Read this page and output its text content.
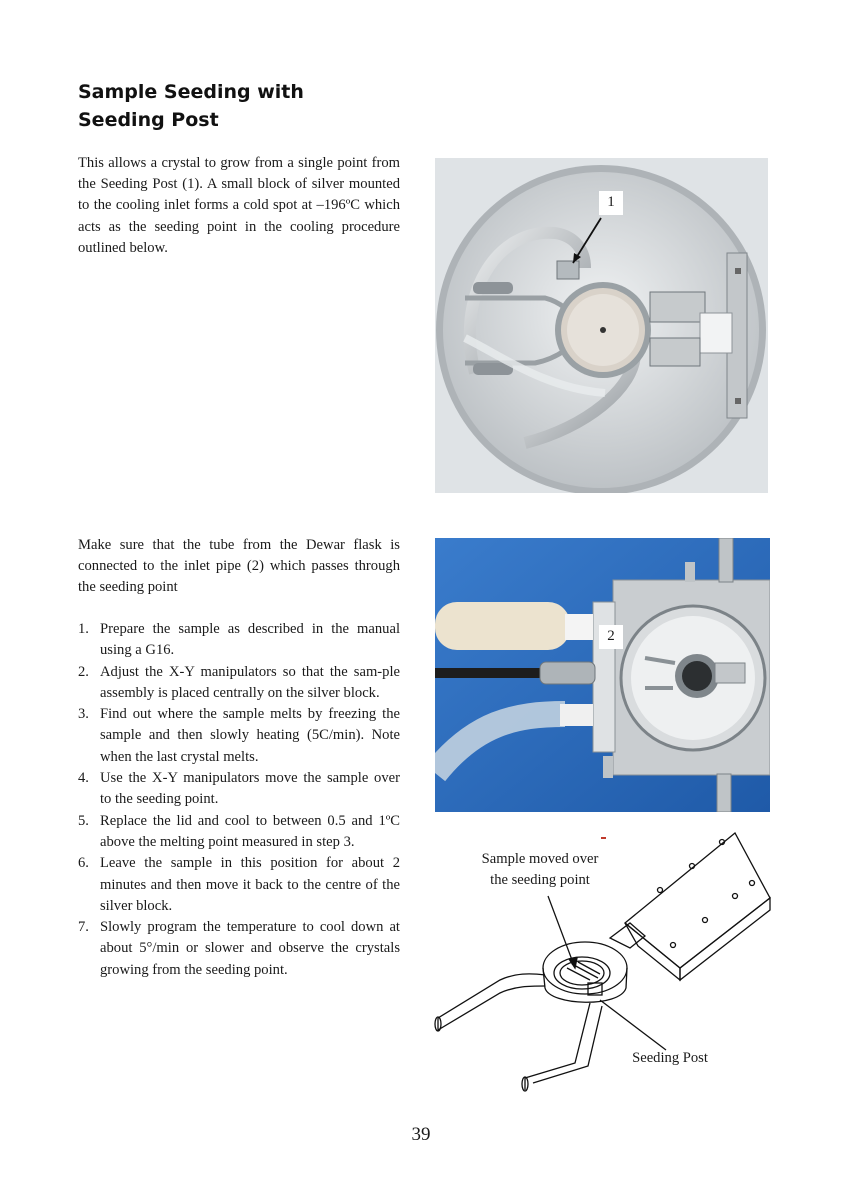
Sample Seeding with
Seeding Post
This allows a crystal to grow from a single point from the Seeding Post (1). A small block of silver mounted to the cooling inlet forms a cold spot at –196ºC which acts as the seeding point in the cooling procedure outlined below.
1
Make sure that the tube from the Dewar flask is connected to the inlet pipe (2) which passes through the seeding point
1. Prepare the sample as described in the manual using a G16.
2. Adjust the X-Y manipulators so that the sam-ple assembly is placed centrally on the silver block.
3. Find out where the sample melts by freezing the sample and then slowly heating (5C/min). Note when the last crystal melts.
4. Use the X-Y manipulators move the sample over to the seeding point.
5. Replace the lid and cool to between 0.5 and 1ºC above the melting point measured in step 3.
6. Leave the sample in this position for about 2 minutes and then move it back to the centre of the silver block.
7. Slowly program the temperature to cool down at about 5°/min or slower and observe the crystals growing from the seeding point.
2
Sample moved over
the seeding point
Seeding Post
39
